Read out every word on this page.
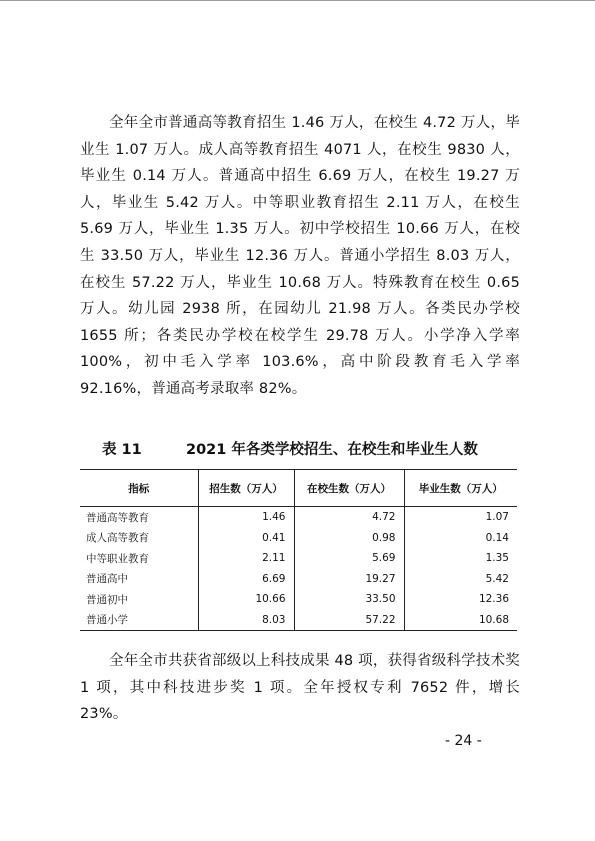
全年全市普通高等教育招生 1.46 万人，在校生 4.72 万人，毕业生 1.07 万人。成人高等教育招生 4071 人，在校生 9830 人，毕业生 0.14 万人。普通高中招生 6.69 万人，在校生 19.27 万人，毕业生 5.42 万人。中等职业教育招生 2.11 万人，在校生 5.69 万人，毕业生 1.35 万人。初中学校招生 10.66 万人，在校生 33.50 万人，毕业生 12.36 万人。普通小学招生 8.03 万人，在校生 57.22 万人，毕业生 10.68 万人。特殊教育在校生 0.65 万人。幼儿园 2938 所，在园幼儿 21.98 万人。各类民办学校 1655 所；各类民办学校在校学生 29.78 万人。小学净入学率 100%，初中毛入学率 103.6%，高中阶段教育毛入学率 92.16%，普通高考录取率 82%。

表 11	2021 年各类学校招生、在校生和毕业生人数
指标	招生数（万人）	在校生数（万人）	毕业生数（万人）
普通高等教育	1.46	4.72	1.07
成人高等教育	0.41	0.98	0.14
中等职业教育	2.11	5.69	1.35
普通高中	6.69	19.27	5.42
普通初中	10.66	33.50	12.36
普通小学	8.03	57.22	10.68

全年全市共获省部级以上科技成果 48 项，获得省级科学技术奖 1 项，其中科技进步奖 1 项。全年授权专利 7652 件，增长 23%。

- 24 -
